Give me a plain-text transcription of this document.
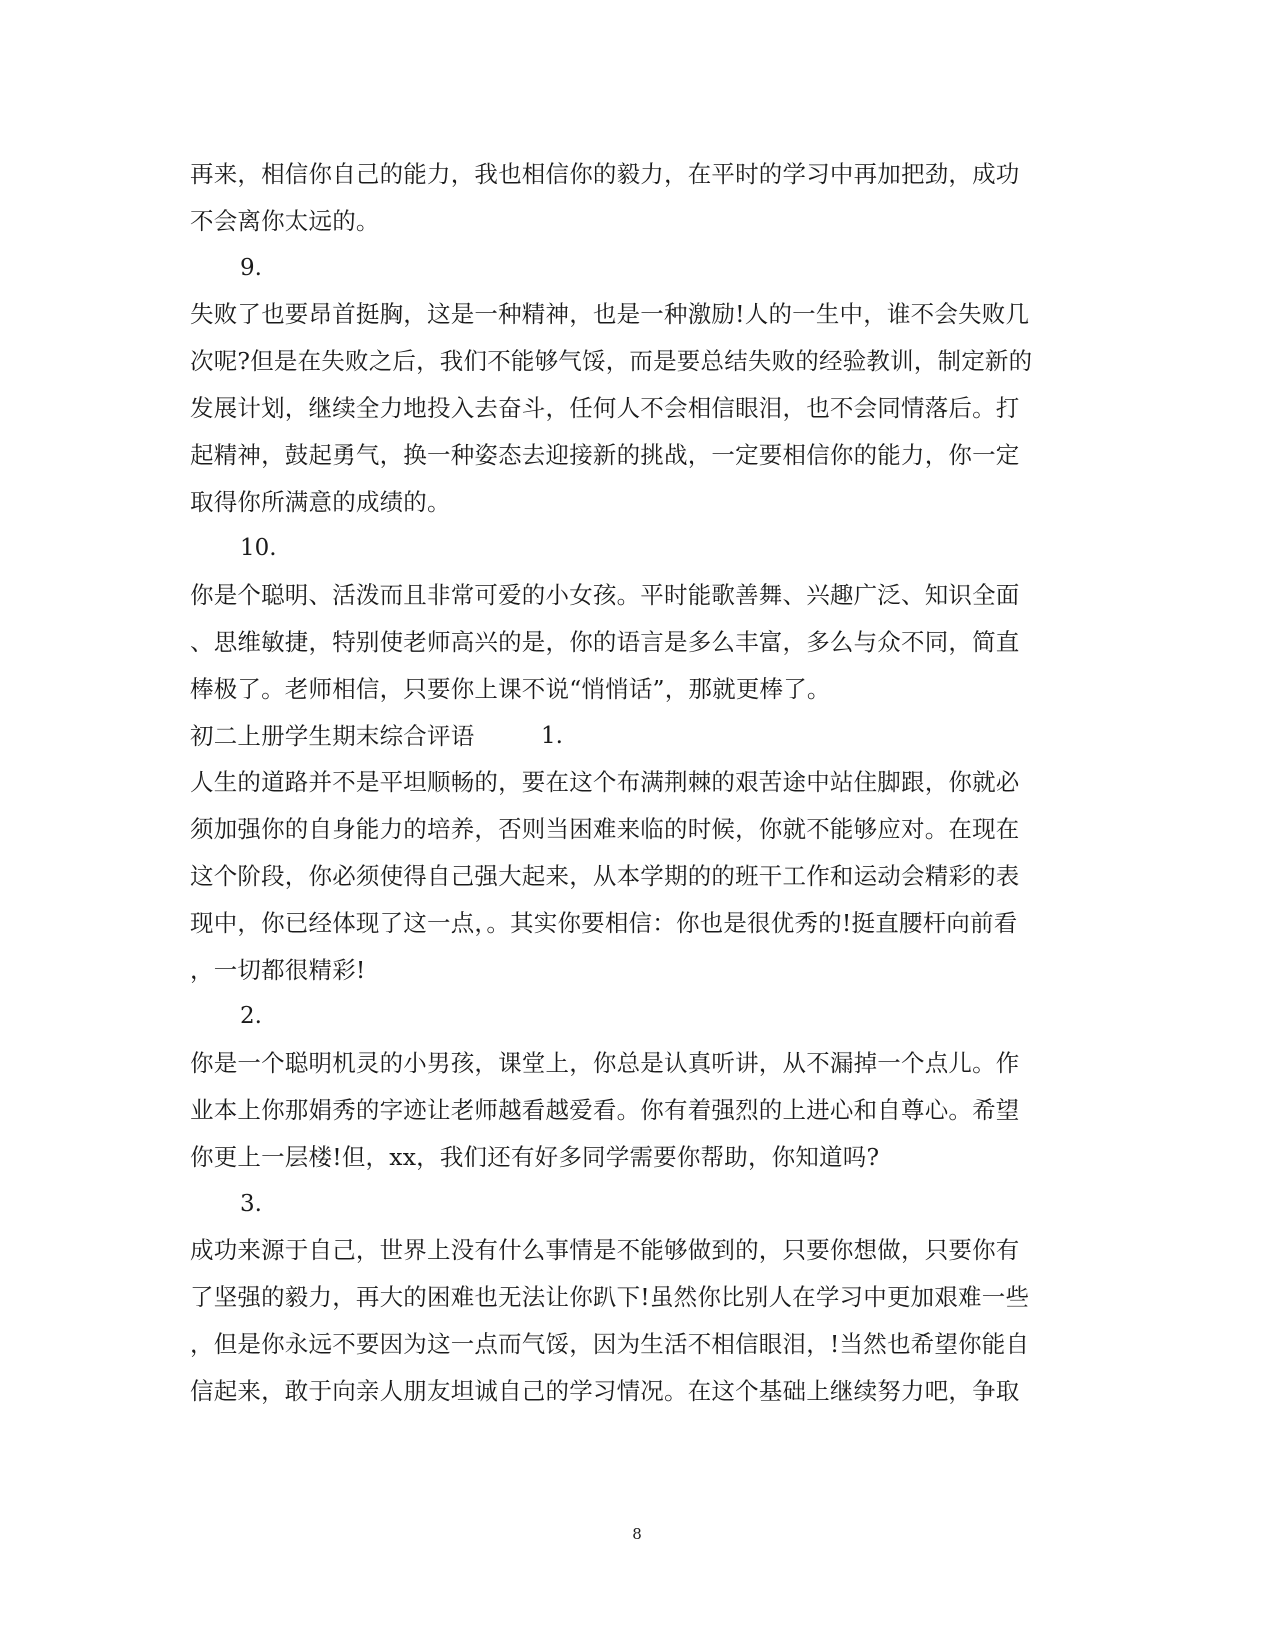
再来，相信你自己的能力，我也相信你的毅力，在平时的学习中再加把劲，成功
不会离你太远的。
9.
失败了也要昂首挺胸，这是一种精神，也是一种激励!人的一生中，谁不会失败几
次呢?但是在失败之后，我们不能够气馁，而是要总结失败的经验教训，制定新的
发展计划，继续全力地投入去奋斗，任何人不会相信眼泪，也不会同情落后。打
起精神，鼓起勇气，换一种姿态去迎接新的挑战，一定要相信你的能力，你一定
取得你所满意的成绩的。
10.
你是个聪明、活泼而且非常可爱的小女孩。平时能歌善舞、兴趣广泛、知识全面
、思维敏捷，特别使老师高兴的是，你的语言是多么丰富，多么与众不同，简直
棒极了。老师相信，只要你上课不说“悄悄话”，那就更棒了。
初二上册学生期末综合评语	1.
人生的道路并不是平坦顺畅的，要在这个布满荆棘的艰苦途中站住脚跟，你就必
须加强你的自身能力的培养，否则当困难来临的时候，你就不能够应对。在现在
这个阶段，你必须使得自己强大起来，从本学期的的班干工作和运动会精彩的表
现中，你已经体现了这一点，。其实你要相信：你也是很优秀的!挺直腰杆向前看
，一切都很精彩!
2.
你是一个聪明机灵的小男孩，课堂上，你总是认真听讲，从不漏掉一个点儿。作
业本上你那娟秀的字迹让老师越看越爱看。你有着强烈的上进心和自尊心。希望
你更上一层楼!但，xx，我们还有好多同学需要你帮助，你知道吗?
3.
成功来源于自己，世界上没有什么事情是不能够做到的，只要你想做，只要你有
了坚强的毅力，再大的困难也无法让你趴下!虽然你比别人在学习中更加艰难一些
，但是你永远不要因为这一点而气馁，因为生活不相信眼泪，!当然也希望你能自
信起来，敢于向亲人朋友坦诚自己的学习情况。在这个基础上继续努力吧，争取
8
